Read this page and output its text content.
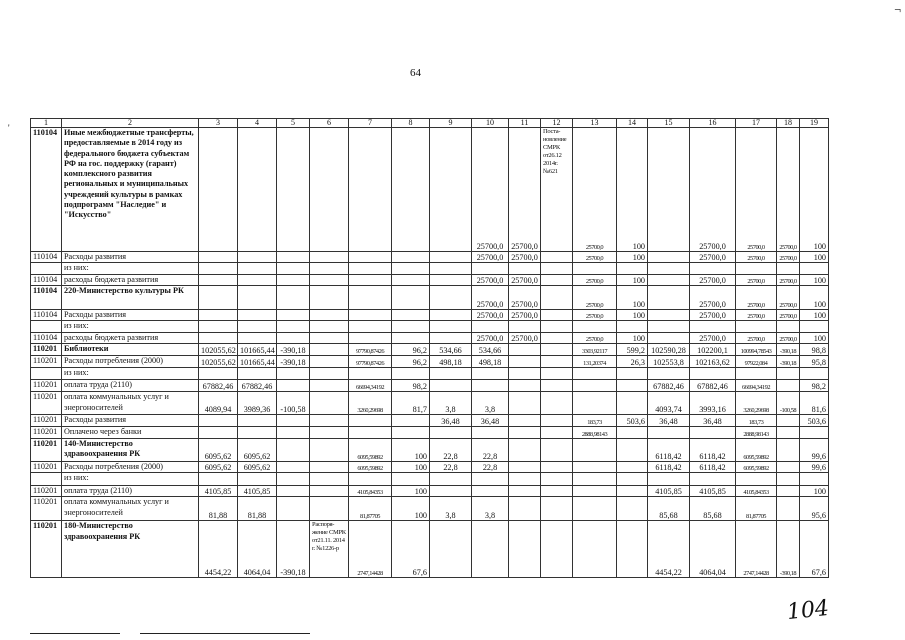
¬
64
'
1	2	3	4	5	6	7	8	9	10	11	12	13	14	15	16	17	18	19
110104	Иные межбюджетные трансферты, предоставляемые в 2014 году из федерального бюджета субъектам РФ на гос. поддержку (гарант) комплексного развития региональных и муниципальных учреждений культуры в рамках подпрограмм "Наследие" и "Искусство"								25700,0	25700,0	Поста-новление СМРК от26.12 2014г. №621	25700,0	100		25700,0	25700,0	25700,0	100
110104	Расходы развития								25700,0	25700,0		25700,0	100		25700,0	25700,0	25700,0	100
	из них:																	
110104	расходы бюджета развития								25700,0	25700,0		25700,0	100		25700,0	25700,0	25700,0	100
110104	220-Министерство культуры РК								25700,0	25700,0		25700,0	100		25700,0	25700,0	25700,0	100
110104	Расходы развития								25700,0	25700,0		25700,0	100		25700,0	25700,0	25700,0	100
	из них:																	
110104	расходы бюджета развития								25700,0	25700,0		25700,0	100		25700,0	25700,0	25700,0	100
110201	Библиотеки	102055,62	101665,44	-390,18		97790,87426	96,2	534,66	534,66			3303,92117	599,2	102590,28	102200,1	100994,78543	-390,18	98,8
110201	Расходы потребления (2000)	102055,62	101665,44	-390,18		97790,87426	96,2	498,18	498,18			131,20374	26,3	102553,8	102163,62	97922,084	-390,18	95,8
	из них:																	
110201	оплата труда (2110)	67882,46	67882,46			66694,34192	98,2							67882,46	67882,46	66694,34192		98,2
110201	оплата коммунальных услуг и энергоносителей	4089,94	3989,36	-100,58		3260,29698	81,7	3,8	3,8					4093,74	3993,16	3260,29698	-100,58	81,6
110201	Расходы развития							36,48	36,48			183,73	503,6	36,48	36,48	183,73		503,6
110201	Оплачено через банки											2888,98143				2888,98143		
110201	140-Министерство здравоохранения РК	6095,62	6095,62			6095,59892	100	22,8	22,8					6118,42	6118,42	6095,59892		99,6
110201	Расходы потребления (2000)	6095,62	6095,62			6095,59892	100	22,8	22,8					6118,42	6118,42	6095,59892		99,6
	из них:																	
110201	оплата труда (2110)	4105,85	4105,85			4105,84353	100							4105,85	4105,85	4105,84353		100
110201	оплата коммунальных услуг и энергоносителей	81,88	81,88			81,87705	100	3,8	3,8					85,68	85,68	81,87705		95,6
110201	180-Министерство здравоохранения РК	4454,22	4064,04	-390,18	Распоря-жение СМРК от21.11. 2014 г. №1226-р	2747,14428	67,6							4454,22	4064,04	2747,14428	-390,18	67,6
104
